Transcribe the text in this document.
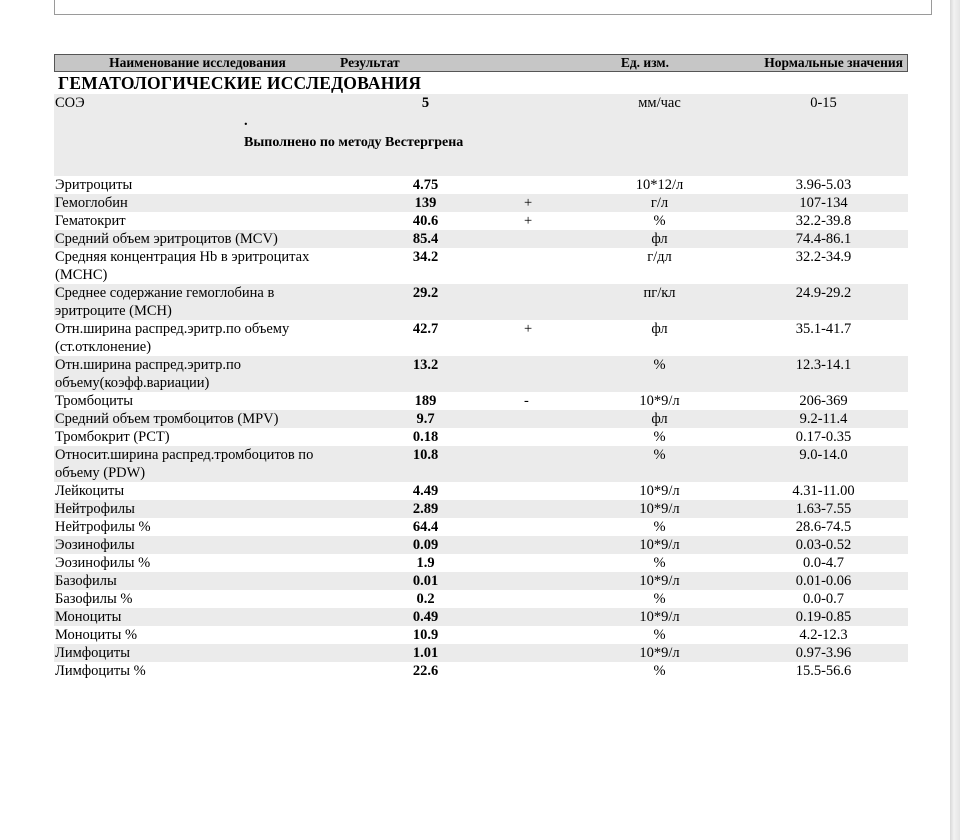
Наименование исследования	Результат	Ед. изм.	Нормальные значения
ГЕМАТОЛОГИЧЕСКИЕ ИССЛЕДОВАНИЯ
СОЭ	5	мм/час	0-15
.
Выполнено по методу Вестергрена
Эритроциты	4.75	10*12/л	3.96-5.03
Гемоглобин	139	+	г/л	107-134
Гематокрит	40.6	+	%	32.2-39.8
Средний объем эритроцитов (MCV)	85.4	фл	74.4-86.1
Средняя концентрация Hb в эритроцитах (MCHC)
34.2	г/дл	32.2-34.9
Среднее содержание гемоглобина в эритроците (MCH)
29.2	пг/кл	24.9-29.2
Отн.ширина распред.эритр.по объему (ст.отклонение)
42.7	+	фл	35.1-41.7
Отн.ширина распред.эритр.по объему(коэфф.вариации)
13.2	%	12.3-14.1
Тромбоциты	189	-	10*9/л	206-369
Средний объем тромбоцитов (MPV)	9.7	фл	9.2-11.4
Тромбокрит (PCT)	0.18	%	0.17-0.35
Относит.ширина распред.тромбоцитов по объему (PDW)
10.8	%	9.0-14.0
Лейкоциты	4.49	10*9/л	4.31-11.00
Нейтрофилы	2.89	10*9/л	1.63-7.55
Нейтрофилы %	64.4	%	28.6-74.5
Эозинофилы	0.09	10*9/л	0.03-0.52
Эозинофилы %	1.9	%	0.0-4.7
Базофилы	0.01	10*9/л	0.01-0.06
Базофилы %	0.2	%	0.0-0.7
Моноциты	0.49	10*9/л	0.19-0.85
Моноциты %	10.9	%	4.2-12.3
Лимфоциты	1.01	10*9/л	0.97-3.96
Лимфоциты %	22.6	%	15.5-56.6
